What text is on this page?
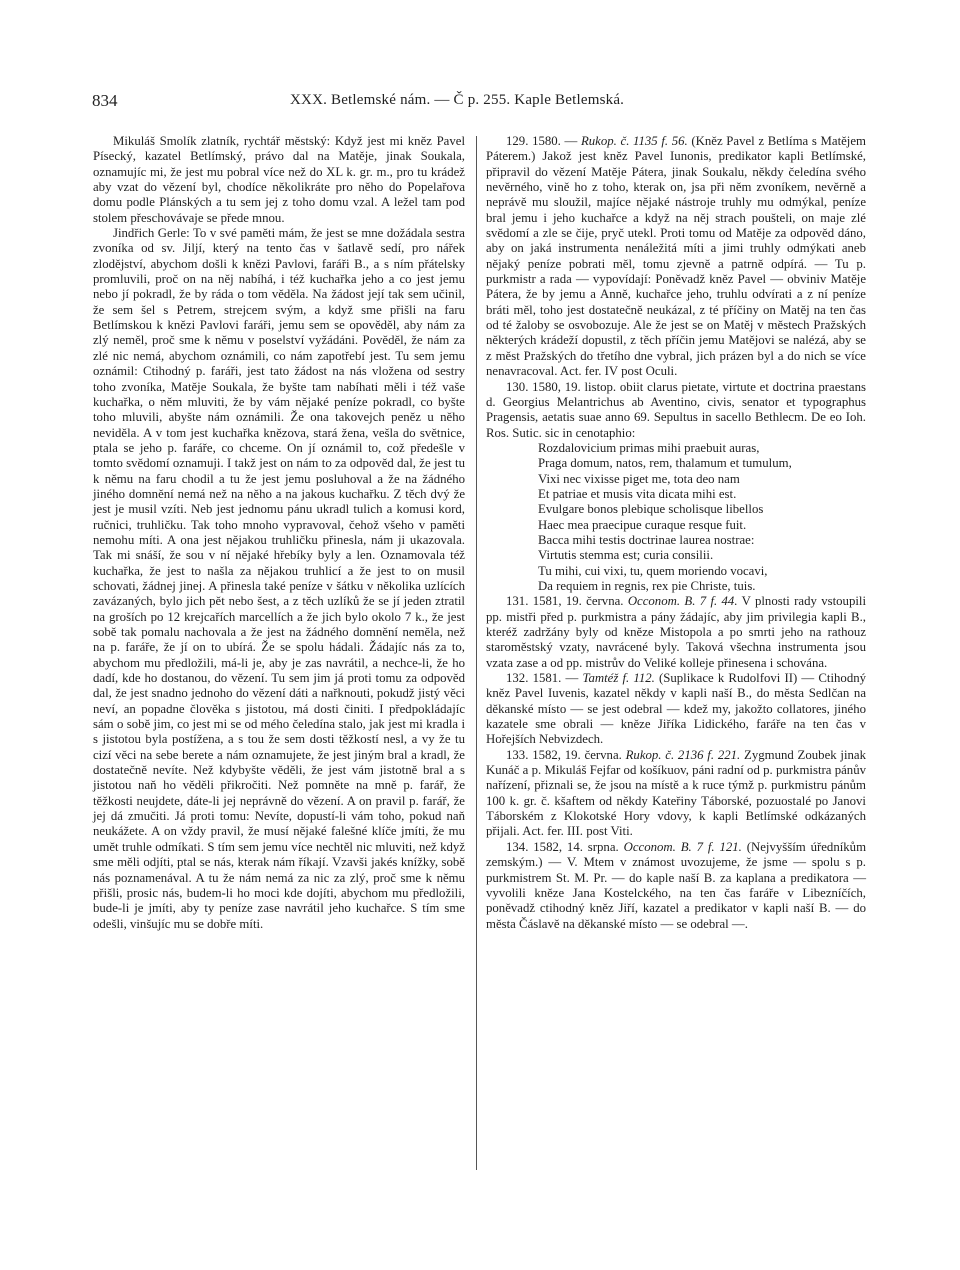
834	XXX. Betlemské nám. — Č p. 255. Kaple Betlemská.

Mikuláš Smolík zlatník, rychtář městský: Když jest mi kněz Pavel Písecký, kazatel Betlímský, právo dal na Matěje, jinak Soukala, oznamujíc mi, že jest mu pobral více než do XL k. gr. m., pro tu krádež aby vzat do vězení byl, chodíce několikráte pro něho do Popelařova domu podle Plánských a tu sem jej z toho domu vzal. A ležel tam pod stolem přeschovávaje se přede mnou.

Jindřich Gerle: To v své paměti mám, že jest se mne dožádala sestra zvoníka od sv. Jiljí, který na tento čas v šatlavě sedí, pro nářek zlodějství, abychom došli k knězi Pavlovi, faráři B., a s ním přátelsky promluvili, proč on na něj nabíhá, i též kuchařka jeho a co jest jemu nebo jí pokradl, že by ráda o tom věděla. Na žádost její tak sem učinil, že sem šel s Petrem, strejcem svým, a když sme přišli na faru Betlímskou k knězi Pavlovi faráři, jemu sem se opověděl, aby nám za zlý neměl, proč sme k němu v poselství vyžádáni. Pověděl, že nám za zlé nic nemá, abychom oznámili, co nám zapotřebí jest. Tu sem jemu oznámil: Ctihodný p. faráři, jest tato žádost na nás vložena od sestry toho zvoníka, Matěje Soukala, že byšte tam nabíhati měli i též vaše kuchařka, o něm mluviti, že by vám nějaké peníze pokradl, co byšte toho mluvili, abyšte nám oznámili. Že ona takovejch peněz u něho neviděla. A v tom jest kuchařka knězova, stará žena, vešla do světnice, ptala se jeho p. faráře, co chceme. On jí oznámil to, což předešle v tomto svědomí oznamuji. I takž jest on nám to za odpověd dal, že jest tu k němu na faru chodil a tu že jest jemu posluhoval a že na žádného jiného domnění nemá než na něho a na jakous kuchařku. Z těch dvý že jest je musil vzíti. Neb jest jednomu pánu ukradl tulich a komusi kord, ručnici, truhličku. Tak toho mnoho vypravoval, čehož všeho v paměti nemohu míti. A ona jest nějakou truhličku přinesla, nám ji ukazovala. Tak mi snáší, že sou v ní nějaké hřebíky byly a len. Oznamovala též kuchařka, že jest to našla za nějakou truhlicí a že jest to on musil schovati, žádnej jinej. A přinesla také peníze v šátku v několika uzlících zavázaných, bylo jich pět nebo šest, a z těch uzlíků že se jí jeden ztratil na groších po 12 krejcařích marcellích a že jich bylo okolo 7 k., že jest sobě tak pomalu nachovala a že jest na žádného domnění neměla, než na p. faráře, že jí on to ubírá. Že se spolu hádali. Žádajíc nás za to, abychom mu předložili, má-li je, aby je zas navrátil, a nechce-li, že ho dadí, kde ho dostanou, do vězení. Tu sem jim já proti tomu za odpověd dal, že jest snadno jednoho do vězení dáti a nařknouti, pokudž jistý věci neví, an popadne člověka s jistotou, má dosti činiti. I předpokládajíc sám o sobě jim, co jest mi se od mého čeledína stalo, jak jest mi kradla i s jistotou byla postížena, a s tou že sem dosti těžkostí nesl, a vy že tu cizí věci na sebe berete a nám oznamujete, že jest jiným bral a kradl, že dostatečně nevíte. Než kdybyšte věděli, že jest vám jistotně bral a s jistotou naň ho věděli přikročiti. Než pomněte na mně p. farář, že těžkosti neujdete, dáte-li jej neprávně do vězení. A on pravil p. farář, že jej dá zmučiti. Já proti tomu: Nevíte, dopustí-li vám toho, pokud naň neukážete. A on vždy pravil, že musí nějaké falešné klíče jmíti, že mu umět truhle odmíkati. S tím sem jemu více nechtěl nic mluviti, než když sme měli odjíti, ptal se nás, kterak nám říkají. Vzavši jakés knížky, sobě nás poznamenával. A tu že nám nemá za nic za zlý, proč sme k němu přišli, prosic nás, budem-li ho moci kde dojíti, abychom mu předložili, bude-li je jmíti, aby ty peníze zase navrátil jeho kuchařce. S tím sme odešli, vinšujíc mu se dobře míti.

129. 1580. — Rukop. č. 1135 f. 56. (Kněz Pavel z Betlíma s Matějem Páterem.) Jakož jest kněz Pavel Iunonis, predikator kapli Betlímské, připravil do vězení Matěje Pátera, jinak Soukalu, někdy čeledína svého nevěrného, vině ho z toho, kterak on, jsa při něm zvoníkem, nevěrně a neprávě mu sloužil, majíce nějaké nástroje truhly mu odmýkal, peníze bral jemu i jeho kuchařce a když na něj strach poušteli, on maje zlé svědomí a zle se čije, pryč utekl. Proti tomu od Matěje za odpověd dáno, aby on jaká instrumenta nenáležitá míti a jimi truhly odmýkati aneb nějaký peníze pobrati měl, tomu zjevně a patrně odpírá. — Tu p. purkmistr a rada — vypovídají: Poněvadž kněz Pavel — obviniv Matěje Pátera, že by jemu a Anně, kuchařce jeho, truhlu odvírati a z ní peníze bráti měl, toho jest dostatečně neukázal, z té příčiny on Matěj na ten čas od té žaloby se osvobozuje. Ale že jest se on Matěj v městech Pražských některých krádeží dopustil, z těch příčin jemu Matějovi se nalézá, aby se z měst Pražských do třetího dne vybral, jich prázen byl a do nich se více nenavracoval. Act. fer. IV post Oculi.

130. 1580, 19. listop. obiit clarus pietate, virtute et doctrina praestans d. Georgius Melantrichus ab Aventino, civis, senator et typographus Pragensis, aetatis suae anno 69. Sepultus in sacello Bethlecm. De eo Ioh. Ros. Sutic. sic in cenotaphio:

Rozdalovicium primas mihi praebuit auras,
Praga domum, natos, rem, thalamum et tumulum,
Vixi nec vixisse piget me, tota deo nam
Et patriae et musis vita dicata mihi est.
Evulgare bonos plebique scholisque libellos
Haec mea praecipue curaque resque fuit.
Bacca mihi testis doctrinae laurea nostrae:
Virtutis stemma est; curia consilii.
Tu mihi, cui vixi, tu, quem moriendo vocavi,
Da requiem in regnis, rex pie Christe, tuis.

131. 1581, 19. června. Occonom. B. 7 f. 44. V plnosti rady vstoupili pp. mistři před p. purkmistra a pány žádajíc, aby jim privilegia kapli B., kteréž zadržány byly od kněze Mistopola a po smrti jeho na rathouz staroměstský vzaty, navrácené byly. Taková všechna instrumenta jsou vzata zase a od pp. mistrův do Veliké kolleje přinesena i schována.

132. 1581. — Tamtéž f. 112. (Suplikace k Rudolfovi II) — Ctihodný kněz Pavel Iuvenis, kazatel někdy v kapli naší B., do města Sedlčan na děkanské místo — se jest odebral — kdež my, jakožto collatores, jiného kazatele sme obrali — kněze Jiříka Lidického, faráře na ten čas v Hořejších Nebvizdech.

133. 1582, 19. června. Rukop. č. 2136 f. 221. Zygmund Zoubek jinak Kunáč a p. Mikuláš Fejfar od košíkuov, páni radní od p. purkmistra pánův nařízení, přiznali se, že jsou na místě a k ruce týmž p. purkmistru pánům 100 k. gr. č. kšaftem od někdy Kateřiny Táborské, pozuostalé po Janovi Táborském z Klokotské Hory vdovy, k kapli Betlímské odkázaných přijali. Act. fer. III. post Viti.

134. 1582, 14. srpna. Occonom. B. 7 f. 121. (Nejvyšším úředníkům zemským.) — V. Mtem v známost uvozujeme, že jsme — spolu s p. purkmistrem St. M. Pr. — do kaple naší B. za kaplana a predikatora — vyvolili kněze Jana Kostelckého, na ten čas faráře v Libezníčích, poněvadž ctihodný kněz Jiří, kazatel a predikator v kapli naší B. — do města Čáslavě na děkanské místo — se odebral —.
